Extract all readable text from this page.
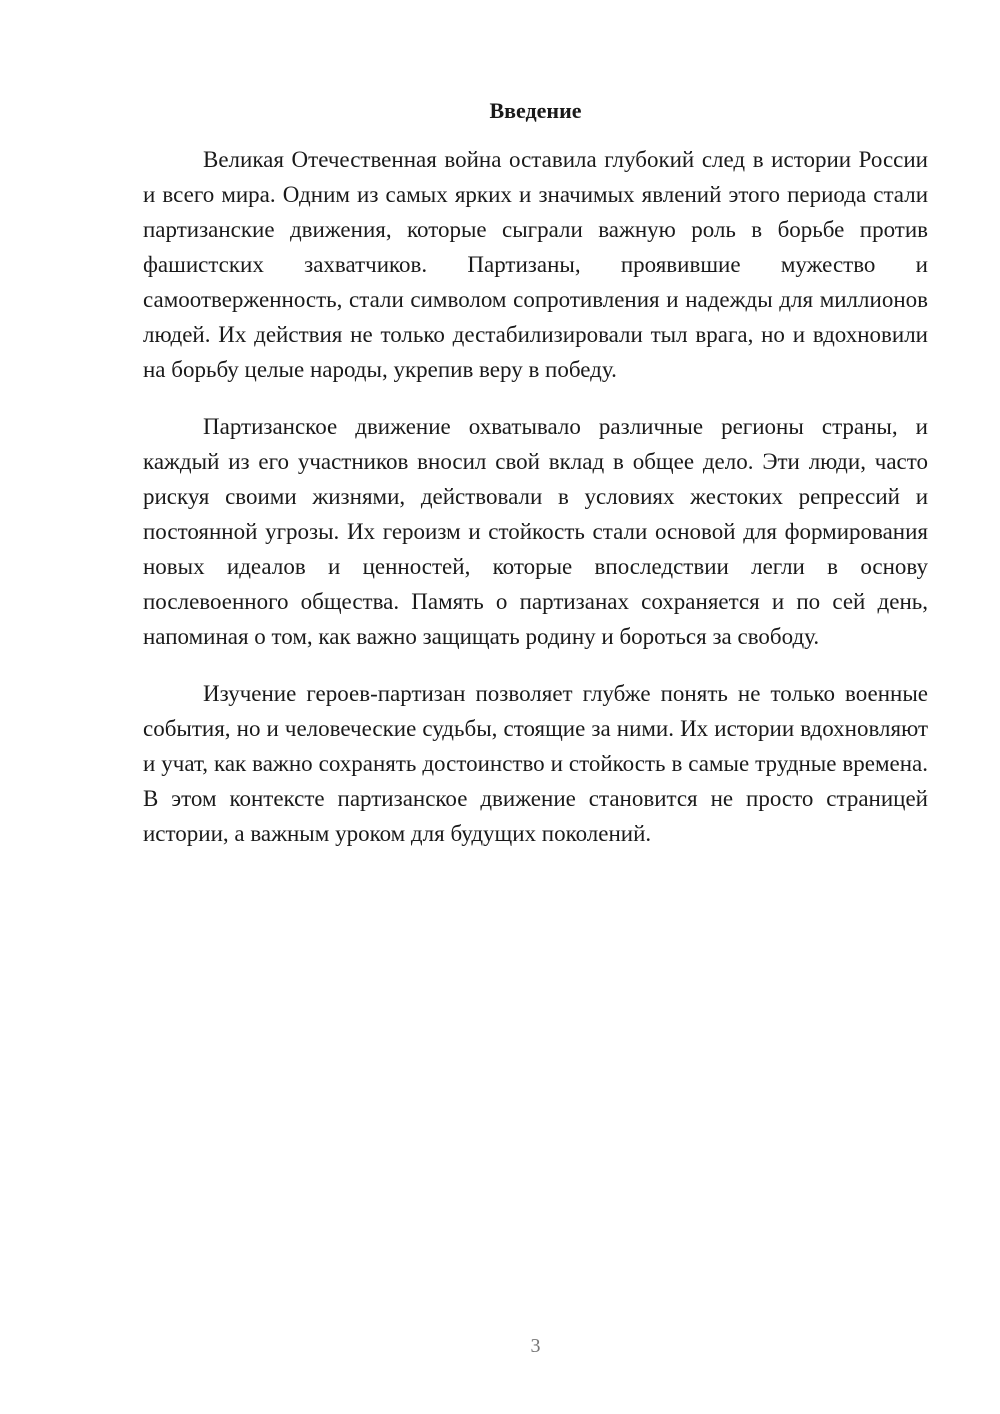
Введение

Великая Отечественная война оставила глубокий след в истории России и всего мира. Одним из самых ярких и значимых явлений этого периода стали партизанские движения, которые сыграли важную роль в борьбе против фашистских захватчиков. Партизаны, проявившие мужество и самоотверженность, стали символом сопротивления и надежды для миллионов людей. Их действия не только дестабилизировали тыл врага, но и вдохновили на борьбу целые народы, укрепив веру в победу.

Партизанское движение охватывало различные регионы страны, и каждый из его участников вносил свой вклад в общее дело. Эти люди, часто рискуя своими жизнями, действовали в условиях жестоких репрессий и постоянной угрозы. Их героизм и стойкость стали основой для формирования новых идеалов и ценностей, которые впоследствии легли в основу послевоенного общества. Память о партизанах сохраняется и по сей день, напоминая о том, как важно защищать родину и бороться за свободу.

Изучение героев-партизан позволяет глубже понять не только военные события, но и человеческие судьбы, стоящие за ними. Их истории вдохновляют и учат, как важно сохранять достоинство и стойкость в самые трудные времена. В этом контексте партизанское движение становится не просто страницей истории, а важным уроком для будущих поколений.

3
